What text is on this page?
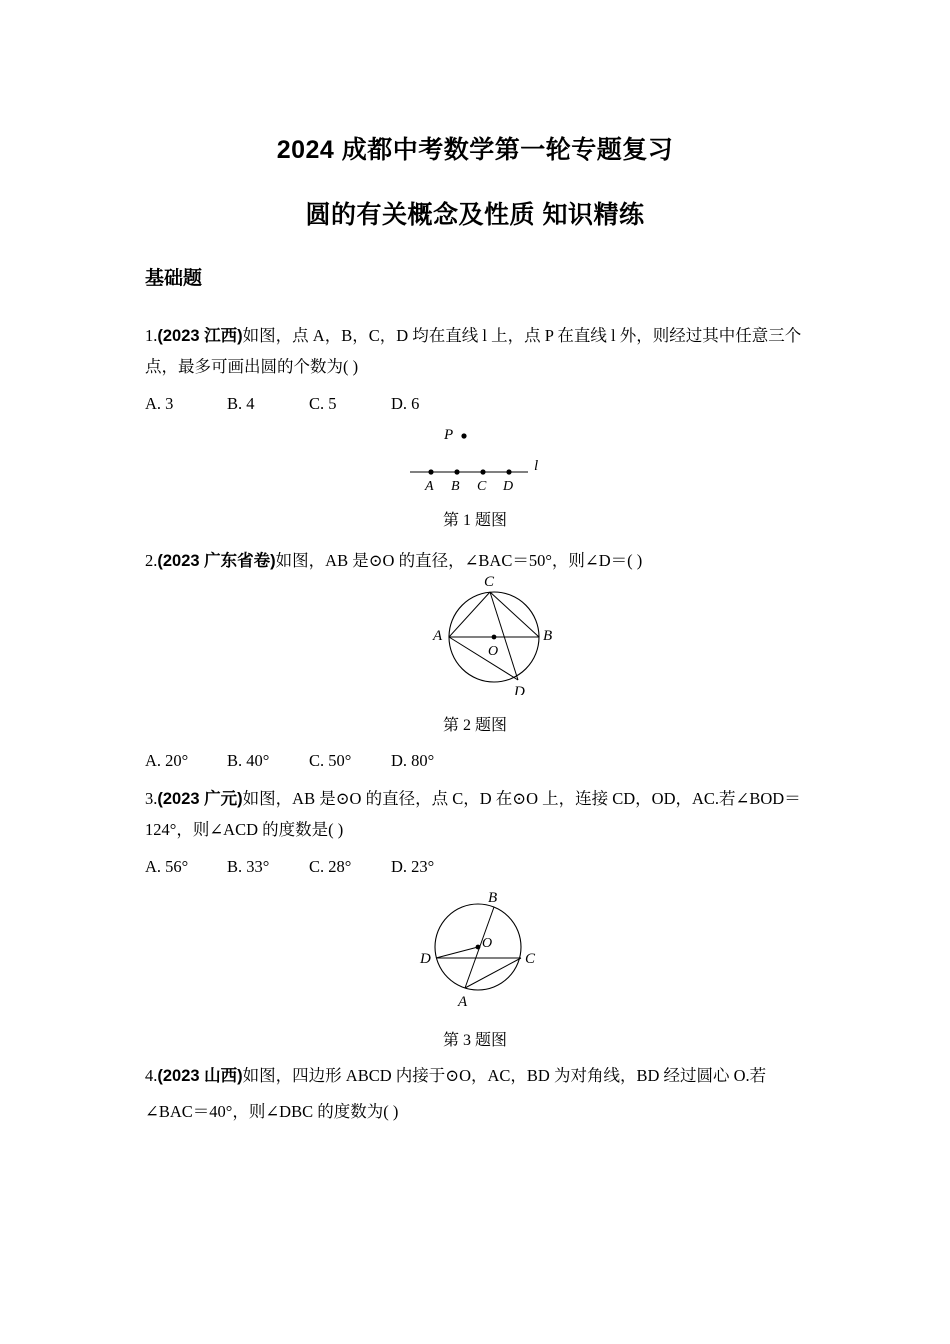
2024 成都中考数学第一轮专题复习
圆的有关概念及性质 知识精练
基础题
1.(2023 江西)如图，点 A，B，C，D 均在直线 l 上，点 P 在直线 l 外，则经过其中任意三个
点，最多可画出圆的个数为( )
A. 3	B. 4	C. 5	D. 6
P
l
A B C D
第 1 题图
2.(2023 广东省卷)如图，AB 是⊙O 的直径，∠BAC＝50°，则∠D＝( )
O
C
A	B
D
第 2 题图
A. 20° B. 40° C. 50° D. 80°
3.(2023 广元)如图，AB 是⊙O 的直径，点 C，D 在⊙O 上，连接 CD，OD，AC.若∠BOD＝
124°，则∠ACD 的度数是( )
A. 56° B. 33° C. 28° D. 23°
O
B
D	C
A
第 3 题图
4.(2023 山西)如图，四边形 ABCD 内接于⊙O，AC，BD 为对角线，BD 经过圆心 O.若
∠BAC＝40°，则∠DBC 的度数为( )
